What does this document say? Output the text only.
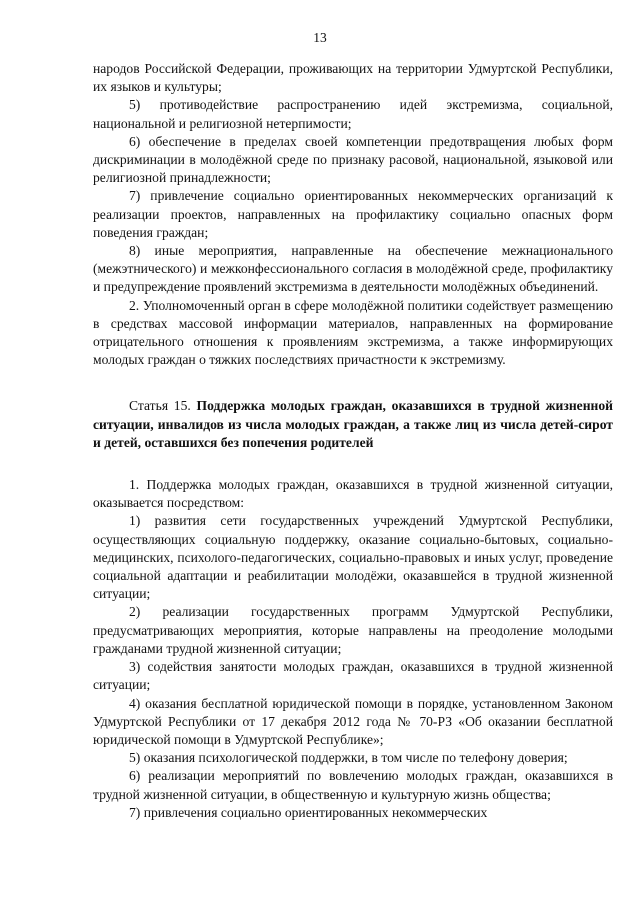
13

народов Российской Федерации, проживающих на территории Удмуртской Республики, их языков и культуры;

5) противодействие распространению идей экстремизма, социальной, национальной и религиозной нетерпимости;

6) обеспечение в пределах своей компетенции предотвращения любых форм дискриминации в молодёжной среде по признаку расовой, национальной, языковой или религиозной принадлежности;

7) привлечение социально ориентированных некоммерческих организаций к реализации проектов, направленных на профилактику социально опасных форм поведения граждан;

8) иные мероприятия, направленные на обеспечение межнационального (межэтнического) и межконфессионального согласия в молодёжной среде, профилактику и предупреждение проявлений экстремизма в деятельности молодёжных объединений.

2. Уполномоченный орган в сфере молодёжной политики содействует размещению в средствах массовой информации материалов, направленных на формирование отрицательного отношения к проявлениям экстремизма, а также информирующих молодых граждан о тяжких последствиях причастности к экстремизму.

Статья 15. Поддержка молодых граждан, оказавшихся в трудной жизненной ситуации, инвалидов из числа молодых граждан, а также лиц из числа детей-сирот и детей, оставшихся без попечения родителей

1. Поддержка молодых граждан, оказавшихся в трудной жизненной ситуации, оказывается посредством:

1) развития сети государственных учреждений Удмуртской Республики, осуществляющих социальную поддержку, оказание социально-бытовых, социально-медицинских, психолого-педагогических, социально-правовых и иных услуг, проведение социальной адаптации и реабилитации молодёжи, оказавшейся в трудной жизненной ситуации;

2) реализации государственных программ Удмуртской Республики, предусматривающих мероприятия, которые направлены на преодоление молодыми гражданами трудной жизненной ситуации;

3) содействия занятости молодых граждан, оказавшихся в трудной жизненной ситуации;

4) оказания бесплатной юридической помощи в порядке, установленном Законом Удмуртской Республики от 17 декабря 2012 года № 70-РЗ «Об оказании бесплатной юридической помощи в Удмуртской Республике»;

5) оказания психологической поддержки, в том числе по телефону доверия;

6) реализации мероприятий по вовлечению молодых граждан, оказавшихся в трудной жизненной ситуации, в общественную и культурную жизнь общества;

7) привлечения социально ориентированных некоммерческих
